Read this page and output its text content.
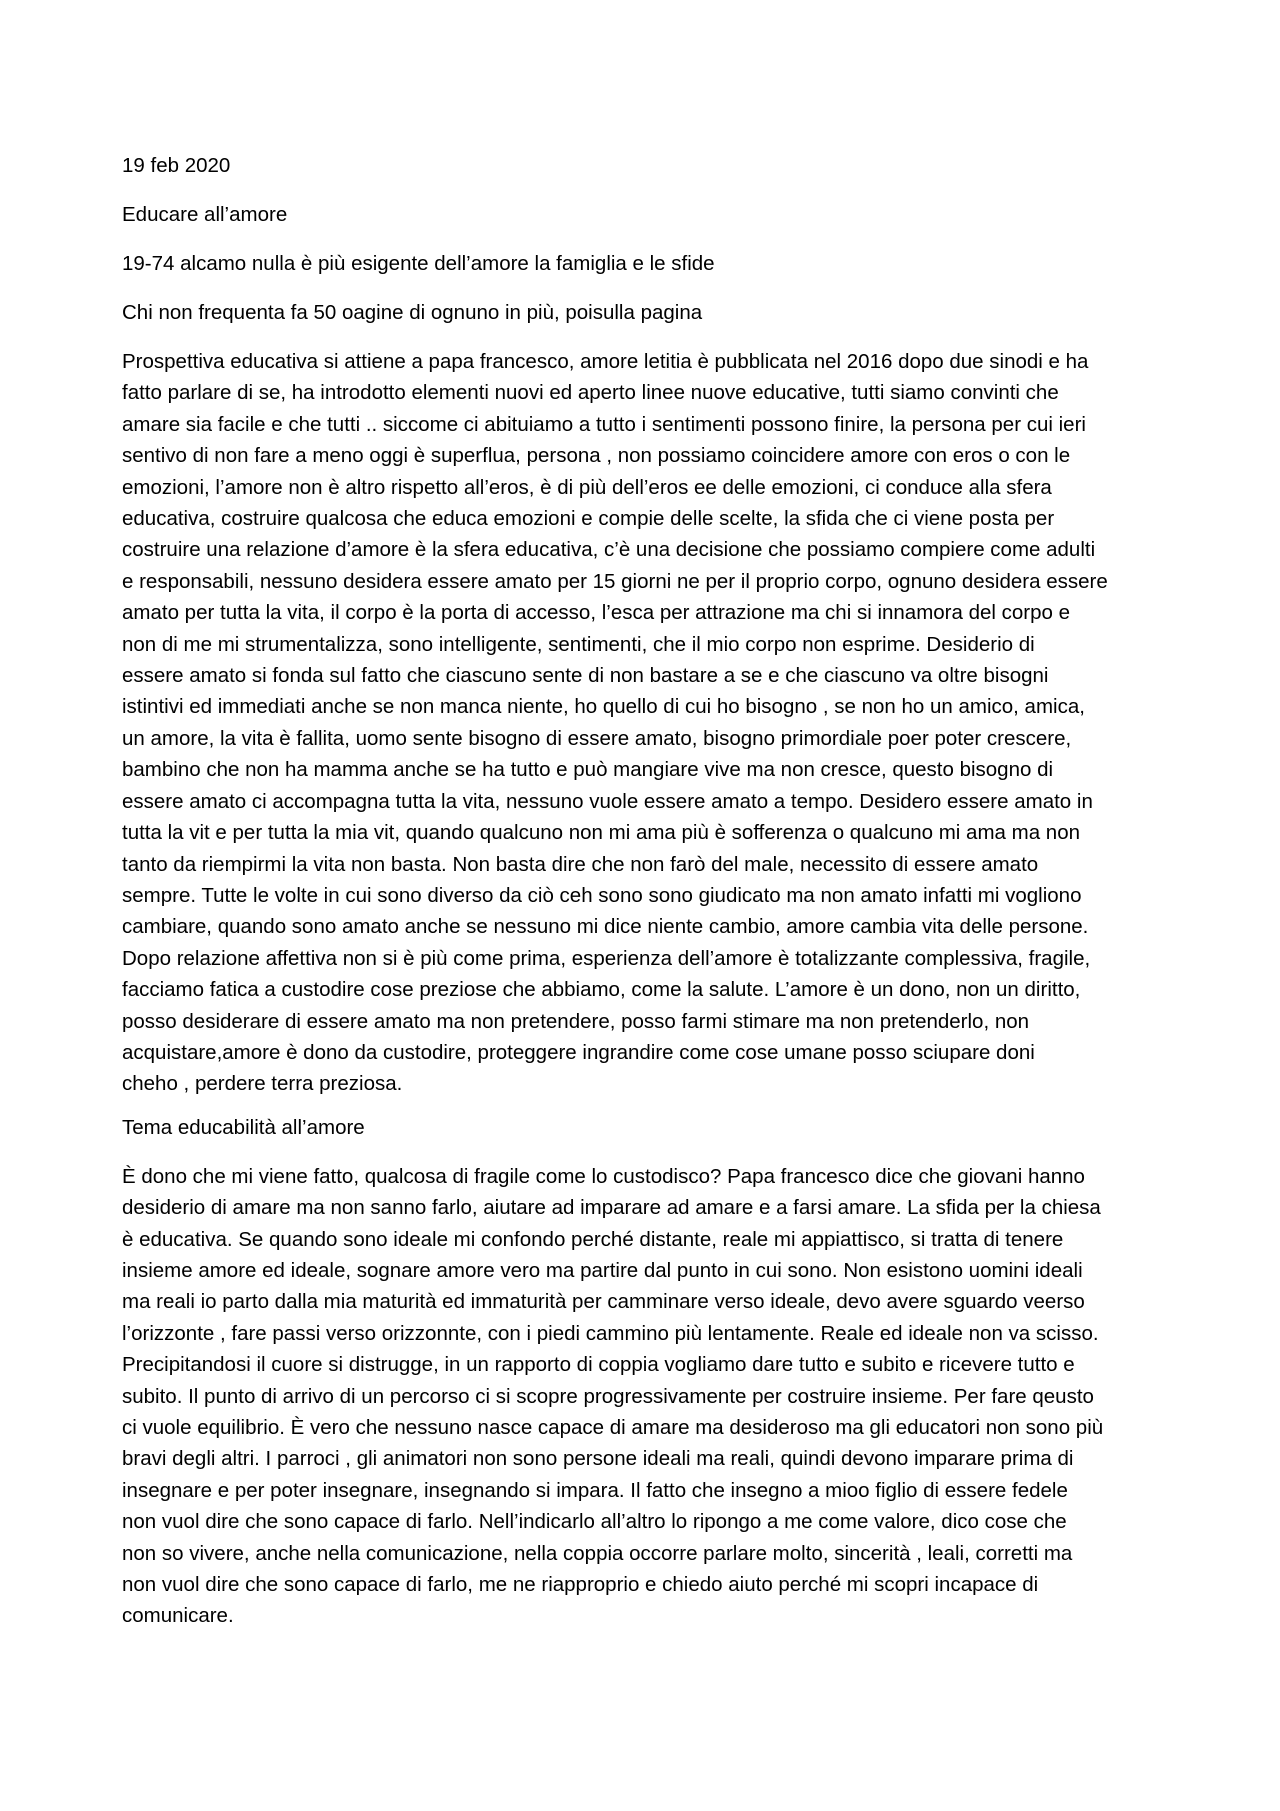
19 feb 2020
Educare all’amore
19-74 alcamo nulla è più esigente dell’amore la famiglia e le sfide
Chi non frequenta fa 50 oagine di ognuno in più, poisulla pagina
Prospettiva educativa si attiene a papa francesco, amore letitia è pubblicata nel 2016 dopo due sinodi e ha
fatto parlare di se, ha introdotto elementi nuovi ed aperto linee nuove educative, tutti siamo convinti che
amare sia facile e che tutti .. siccome ci abituiamo a tutto i sentimenti possono finire, la persona per cui ieri
sentivo di non fare a meno oggi è superflua, persona , non possiamo coincidere amore con eros o con le
emozioni, l’amore non è altro rispetto all’eros, è di più dell’eros ee delle emozioni, ci conduce alla sfera
educativa, costruire qualcosa che educa emozioni e compie delle scelte, la sfida che ci viene posta per
costruire una relazione d’amore è la sfera educativa, c’è una decisione che possiamo compiere come adulti
e responsabili, nessuno desidera essere amato per 15 giorni ne per il proprio corpo, ognuno desidera essere
amato per tutta la vita, il corpo è la porta di accesso, l’esca per attrazione ma chi si innamora del corpo e
non di me mi strumentalizza, sono intelligente, sentimenti, che il mio corpo non esprime. Desiderio di
essere amato si fonda sul fatto che ciascuno sente di non bastare a se e che ciascuno va oltre bisogni
istintivi ed immediati anche se non manca niente, ho quello di cui ho bisogno , se non ho un amico, amica,
un amore, la vita è fallita, uomo sente bisogno di essere amato, bisogno primordiale poer poter crescere,
bambino che non ha mamma anche se ha tutto e può mangiare vive ma non cresce, questo bisogno di
essere amato ci accompagna tutta la vita, nessuno vuole essere amato a tempo. Desidero essere amato in
tutta la vit e per tutta la mia vit, quando qualcuno non mi ama più è sofferenza o qualcuno mi ama ma non
tanto da riempirmi la vita non basta. Non basta dire che non farò del male, necessito di essere amato
sempre. Tutte le volte in cui sono diverso da ciò ceh sono sono giudicato ma non amato infatti mi vogliono
cambiare, quando sono amato anche se nessuno mi dice niente cambio, amore cambia vita delle persone.
Dopo relazione affettiva non si è più come prima, esperienza dell’amore è totalizzante complessiva, fragile,
facciamo fatica a custodire cose preziose che abbiamo, come la salute. L’amore è un dono, non un diritto,
posso desiderare di essere amato ma non pretendere, posso farmi stimare ma non pretenderlo, non
acquistare,amore è dono da custodire, proteggere ingrandire come cose umane posso sciupare doni
cheho , perdere terra preziosa.
Tema educabilità all’amore
È dono che mi viene fatto, qualcosa di fragile come lo custodisco? Papa francesco dice che giovani hanno
desiderio di amare ma non sanno farlo, aiutare ad imparare ad amare e a farsi amare. La sfida per la chiesa
è educativa. Se quando sono ideale mi confondo perché distante, reale mi appiattisco, si tratta di tenere
insieme amore ed ideale, sognare amore vero ma partire dal punto in cui sono. Non esistono uomini ideali
ma reali io parto dalla mia maturità ed immaturità per camminare verso ideale, devo avere sguardo veerso
l’orizzonte , fare passi verso orizzonnte, con i piedi cammino più lentamente. Reale ed ideale non va scisso.
Precipitandosi il cuore si distrugge, in un rapporto di coppia vogliamo dare tutto e subito e ricevere tutto e
subito. Il punto di arrivo di un percorso ci si scopre progressivamente per costruire insieme. Per fare qeusto
ci vuole equilibrio. È vero che nessuno nasce capace di amare ma desideroso ma gli educatori non sono più
bravi degli altri. I parroci , gli animatori non sono persone ideali ma reali, quindi devono imparare prima di
insegnare e per poter insegnare, insegnando si impara. Il fatto che insegno a mioo figlio di essere fedele
non vuol dire che sono capace di farlo. Nell’indicarlo all’altro lo ripongo a me come valore, dico cose che
non so vivere, anche nella comunicazione, nella coppia occorre parlare molto, sincerità , leali, corretti ma
non vuol dire che sono capace di farlo, me ne riapproprio e chiedo aiuto perché mi scopri incapace di
comunicare.
